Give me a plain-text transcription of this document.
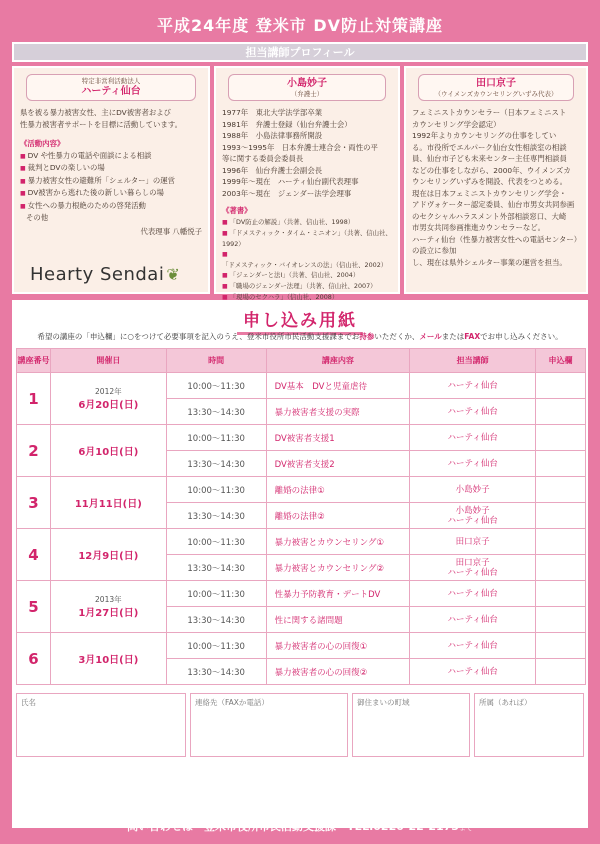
平成24年度 登米市 DV防止対策講座
担当講師プロフィール
特定非営利活動法人
ハーティ仙台
県を被る暴力被害女性、主にDV被害者および
性暴力被害者サポートを目標に活動しています。
《活動内容》
■ DV や性暴力の電話や面談による相談
■ 裁判とDVの楽しいの場
■ 暴力被害女性の避難所「シェルター」の運営
■ DV被害から逃れた後の新しい暮らしの場
■ 女性への暴力根絶のための啓発活動
その他
代表理事 八幡悦子
Hearty Sendai ❦
小島妙子
（弁護士）
1977年　東北大学法学部卒業
1981年　弁護士登録（仙台弁護士会）
1988年　小島法律事務所開設
1993〜1995年　日本弁護士連合会・両性の平
等に関する委員会委員長
1996年　仙台弁護士会副会長
1999年〜現在　ハーティ仙台副代表理事
2003年〜現在　ジェンダー法学会理事
《著書》
■ 「DV防止の解説」（共著、信山社、1998）
■ 「ドメスティック・タイム・ミニオン」（共著、信山社、1992）
■ 「ドメスティック・バイオレンスの法」（信山社、2002）
■ 「ジェンダーと法Ⅰ」（共著、信山社、2004）
■ 「職場のジェンダー法理」（共著、信山社、2007）
■ 「現場のセクハラ」（信山社、2008）
田口京子
（ウイメンズカウンセリングいずみ代表）
フェミニストカウンセラー（日本フェミニスト
カウンセリング学会認定）
1992年よりカウンセリングの仕事をしてい
る。市役所でエルパーク仙台女性相談室の相談
員、仙台市子ども未来センター主任専門相談員
などの仕事をしながら、2000年、ウイメンズカ
ウンセリングいずみを開設、代表をつとめる。
現在は日本フェミニストカウンセリング学会・
アドヴォケーター認定委員、仙台市男女共同参画
のセクシャルハラスメント外部相談窓口、大崎
市男女共同参画推進カウンセラーなど。
ハーティ仙台（性暴力被害女性への電話センター）の設立に参加
し、現在は県外シェルター事業の運営を担当。
申し込み用紙
希望の講座の「申込欄」に○をつけて必要事項を記入のうえ、登米市役所市民活動支援課までお持参いただくか、メールまたはFAXでお申し込みください。
講座番号	開催日	時間	講座内容	担当講師	申込欄
1	2012年
6月20日(日)	10:00〜11:30	DV基本　DVと児童虐待	ハーティ仙台	
		13:30〜14:30	暴力被害者支援の実際	ハーティ仙台	
2	6月10日(日)	10:00〜11:30	DV被害者支援1	ハーティ仙台	
		13:30〜14:30	DV被害者支援2	ハーティ仙台	
3	11月11日(日)	10:00〜11:30	離婚の法律①	小島妙子	
		13:30〜14:30	離婚の法律②	小島妙子
ハーティ仙台	
4	12月9日(日)	10:00〜11:30	暴力被害とカウンセリング①	田口京子	
		13:30〜14:30	暴力被害とカウンセリング②	田口京子
ハーティ仙台	
5	2013年
1月27日(日)	10:00〜11:30	性暴力予防教育・デートDV	ハーティ仙台	
		13:30〜14:30	性に関する諸問題	ハーティ仙台	
6	3月10日(日)	10:00〜11:30	暴力被害者の心の回復①	ハーティ仙台	
		13:30〜14:30	暴力被害者の心の回復②	ハーティ仙台	
氏名	連絡先（FAXか電話）	御住まいの町域	所属（あれば）
問い合わせは　登米市役所市民活動支援課　TEL.0220-22-2173まで
